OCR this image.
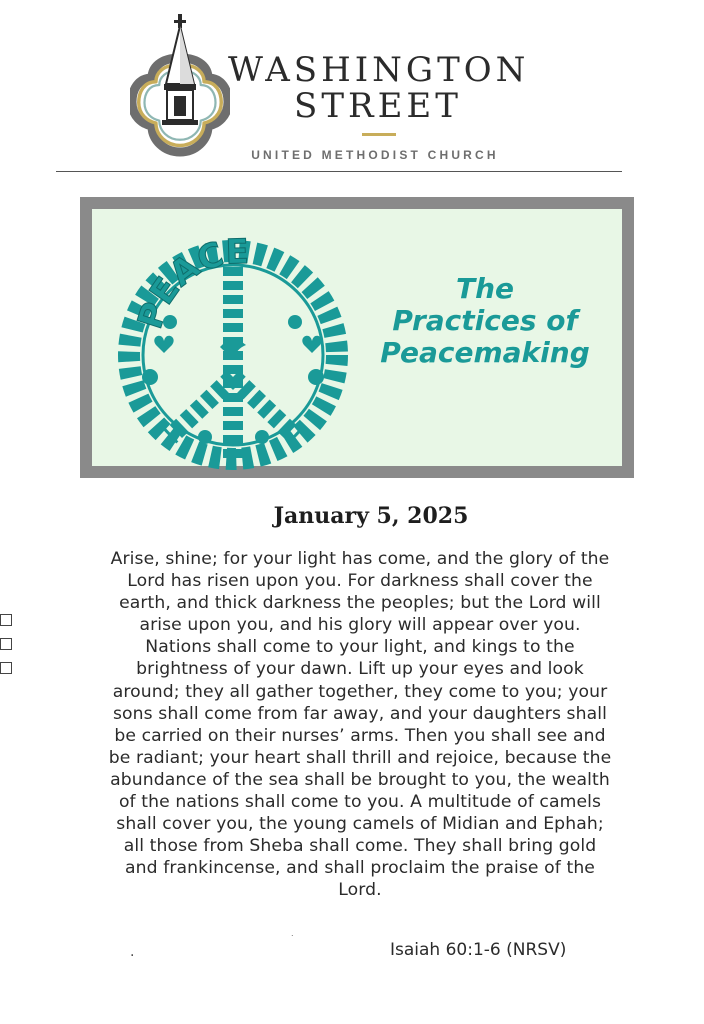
WASHINGTON
STREET
UNITED METHODIST CHURCH
PEACE
The
Practices of
Peacemaking
January 5, 2025
Arise, shine; for your light has come, and the glory of the Lord has risen upon you. For darkness shall cover the earth, and thick darkness the peoples; but the Lord will arise upon you, and his glory will appear over you. Nations shall come to your light, and kings to the brightness of your dawn. Lift up your eyes and look around; they all gather together, they come to you; your sons shall come from far away, and your daughters shall be carried on their nurses’ arms. Then you shall see and be radiant; your heart shall thrill and rejoice, because the abundance of the sea shall be brought to you, the wealth of the nations shall come to you. A multitude of camels shall cover you, the young camels of Midian and Ephah; all those from Sheba shall come. They shall bring gold and frankincense, and shall proclaim the praise of the Lord.
.
.	Isaiah 60:1-6 (NRSV)
